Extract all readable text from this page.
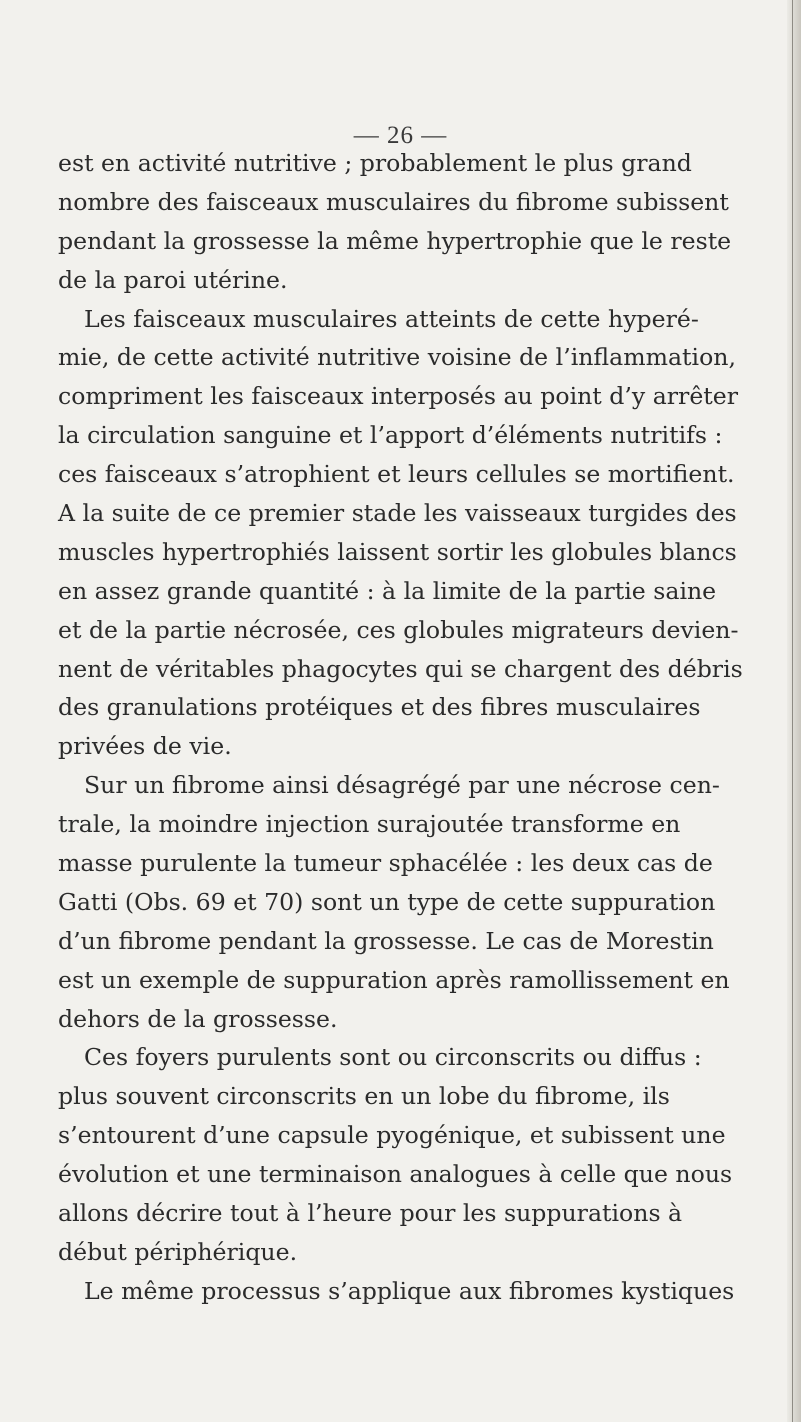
— 26 —
est en activité nutritive ; probablement le plus grand
nombre des faisceaux musculaires du fibrome subissent
pendant la grossesse la même hypertrophie que le reste
de la paroi utérine.
Les faisceaux musculaires atteints de cette hyperé-
mie, de cette activité nutritive voisine de l’inflammation,
compriment les faisceaux interposés au point d’y arrêter
la circulation sanguine et l’apport d’éléments nutritifs :
ces faisceaux s’atrophient et leurs cellules se mortifient.
A la suite de ce premier stade les vaisseaux turgides des
muscles hypertrophiés laissent sortir les globules blancs
en assez grande quantité : à la limite de la partie saine
et de la partie nécrosée, ces globules migrateurs devien-
nent de véritables phagocytes qui se chargent des débris
des granulations protéiques et des fibres musculaires
privées de vie.
Sur un fibrome ainsi désagrégé par une nécrose cen-
trale, la moindre injection surajoutée transforme en
masse purulente la tumeur sphacélée : les deux cas de
Gatti (Obs. 69 et 70) sont un type de cette suppuration
d’un fibrome pendant la grossesse. Le cas de Morestin
est un exemple de suppuration après ramollissement en
dehors de la grossesse.
Ces foyers purulents sont ou circonscrits ou diffus :
plus souvent circonscrits en un lobe du fibrome, ils
s’entourent d’une capsule pyogénique, et subissent une
évolution et une terminaison analogues à celle que nous
allons décrire tout à l’heure pour les suppurations à
début périphérique.
Le même processus s’applique aux fibromes kystiques
